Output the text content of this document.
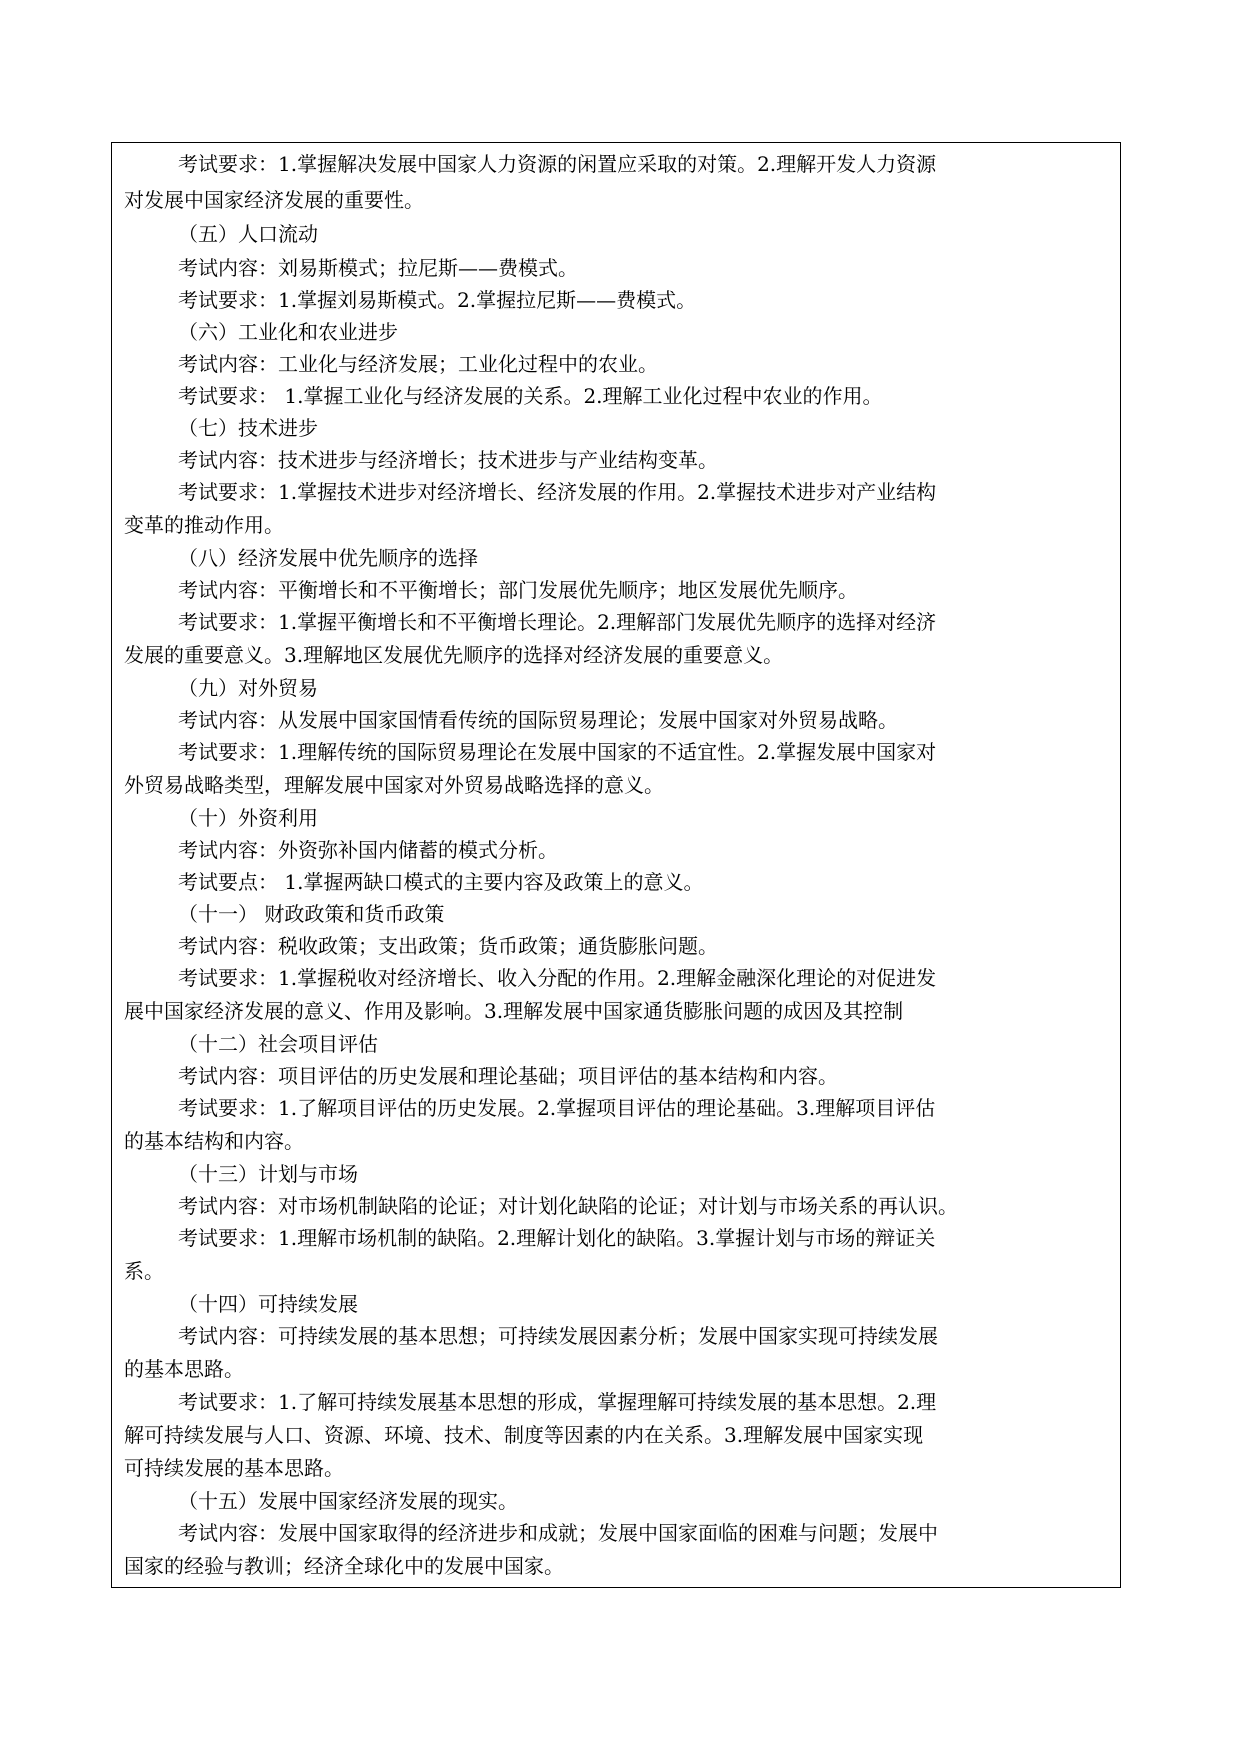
考试要求：1.掌握解决发展中国家人力资源的闲置应采取的对策。2.理解开发人力资源
对发展中国家经济发展的重要性。
（五）人口流动
考试内容：刘易斯模式；拉尼斯——费模式。
考试要求：1.掌握刘易斯模式。2.掌握拉尼斯——费模式。
（六）工业化和农业进步
考试内容：工业化与经济发展；工业化过程中的农业。
考试要求： 1.掌握工业化与经济发展的关系。2.理解工业化过程中农业的作用。
（七）技术进步
考试内容：技术进步与经济增长；技术进步与产业结构变革。
考试要求：1.掌握技术进步对经济增长、经济发展的作用。2.掌握技术进步对产业结构
变革的推动作用。
（八）经济发展中优先顺序的选择
考试内容：平衡增长和不平衡增长；部门发展优先顺序；地区发展优先顺序。
考试要求：1.掌握平衡增长和不平衡增长理论。2.理解部门发展优先顺序的选择对经济
发展的重要意义。3.理解地区发展优先顺序的选择对经济发展的重要意义。
（九）对外贸易
考试内容：从发展中国家国情看传统的国际贸易理论；发展中国家对外贸易战略。
考试要求：1.理解传统的国际贸易理论在发展中国家的不适宜性。2.掌握发展中国家对
外贸易战略类型，理解发展中国家对外贸易战略选择的意义。
（十）外资利用
考试内容：外资弥补国内储蓄的模式分析。
考试要点： 1.掌握两缺口模式的主要内容及政策上的意义。
（十一） 财政政策和货币政策
考试内容：税收政策；支出政策；货币政策；通货膨胀问题。
考试要求：1.掌握税收对经济增长、收入分配的作用。2.理解金融深化理论的对促进发
展中国家经济发展的意义、作用及影响。3.理解发展中国家通货膨胀问题的成因及其控制
（十二）社会项目评估
考试内容：项目评估的历史发展和理论基础；项目评估的基本结构和内容。
考试要求：1.了解项目评估的历史发展。2.掌握项目评估的理论基础。3.理解项目评估
的基本结构和内容。
（十三）计划与市场
考试内容：对市场机制缺陷的论证；对计划化缺陷的论证；对计划与市场关系的再认识。
考试要求：1.理解市场机制的缺陷。2.理解计划化的缺陷。3.掌握计划与市场的辩证关
系。
（十四）可持续发展
考试内容：可持续发展的基本思想；可持续发展因素分析；发展中国家实现可持续发展
的基本思路。
考试要求：1.了解可持续发展基本思想的形成，掌握理解可持续发展的基本思想。2.理
解可持续发展与人口、资源、环境、技术、制度等因素的内在关系。3.理解发展中国家实现
可持续发展的基本思路。
（十五）发展中国家经济发展的现实。
考试内容：发展中国家取得的经济进步和成就；发展中国家面临的困难与问题；发展中
国家的经验与教训；经济全球化中的发展中国家。
